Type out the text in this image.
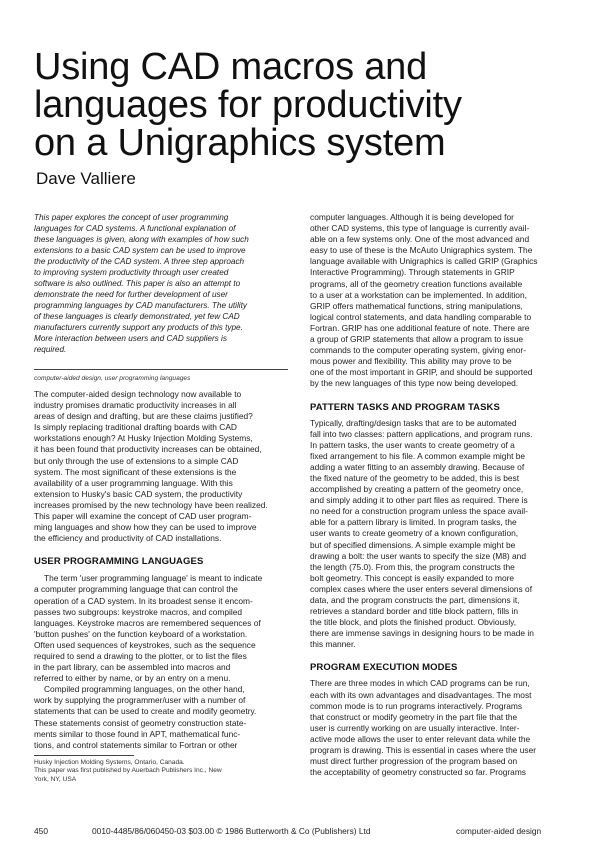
Using CAD macros and
languages for productivity
on a Unigraphics system
Dave Valliere
This paper explores the concept of user programming
languages for CAD systems. A functional explanation of
these languages is given, along with examples of how such
extensions to a basic CAD system can be used to improve
the productivity of the CAD system. A three step approach
to improving system productivity through user created
software is also outlined. This paper is also an attempt to
demonstrate the need for further development of user
programming languages by CAD manufacturers. The utility
of these languages is clearly demonstrated, yet few CAD
manufacturers currently support any products of this type.
More interaction between users and CAD suppliers is
required.
computer-aided design, user programming languages
The computer-aided design technology now available to
industry promises dramatic productivity increases in all
areas of design and drafting, but are these claims justified?
Is simply replacing traditional drafting boards with CAD
workstations enough? At Husky Injection Molding Systems,
it has been found that productivity increases can be obtained,
but only through the use of extensions to a simple CAD
system. The most significant of these extensions is the
availability of a user programming language. With this
extension to Husky's basic CAD system, the productivity
increases promised by the new technology have been realized.
This paper will examine the concept of CAD user program-
ming languages and show how they can be used to improve
the efficiency and productivity of CAD installations.
USER PROGRAMMING LANGUAGES
The term 'user programming language' is meant to indicate
a computer programming language that can control the
operation of a CAD system. In its broadest sense it encom-
passes two subgroups: keystroke macros, and compiled
languages. Keystroke macros are remembered sequences of
'button pushes' on the function keyboard of a workstation.
Often used sequences of keystrokes, such as the sequence
required to send a drawing to the plotter, or to list the files
in the part library, can be assembled into macros and
referred to either by name, or by an entry on a menu.
Compiled programming languages, on the other hand,
work by supplying the programmer/user with a number of
statements that can be used to create and modify geometry.
These statements consist of geometry construction state-
ments similar to those found in APT, mathematical func-
tions, and control statements similar to Fortran or other
Husky Injection Molding Systems, Ontario, Canada.
This paper was first published by Auerbach Publishers Inc., New
York, NY, USA
computer languages. Although it is being developed for
other CAD systems, this type of language is currently avail-
able on a few systems only. One of the most advanced and
easy to use of these is the McAuto Unigraphics system. The
language available with Unigraphics is called GRIP (Graphics
Interactive Programming). Through statements in GRIP
programs, all of the geometry creation functions available
to a user at a workstation can be implemented. In addition,
GRIP offers mathematical functions, string manipulations,
logical control statements, and data handling comparable to
Fortran. GRIP has one additional feature of note. There are
a group of GRIP statements that allow a program to issue
commands to the computer operating system, giving enor-
mous power and flexibility. This ability may prove to be
one of the most important in GRIP, and should be supported
by the new languages of this type now being developed.
PATTERN TASKS AND PROGRAM TASKS
Typically, drafting/design tasks that are to be automated
fall into two classes: pattern applications, and program runs.
In pattern tasks, the user wants to create geometry of a
fixed arrangement to his file. A common example might be
adding a water fitting to an assembly drawing. Because of
the fixed nature of the geometry to be added, this is best
accomplished by creating a pattern of the geometry once,
and simply adding it to other part files as required. There is
no need for a construction program unless the space avail-
able for a pattern library is limited. In program tasks, the
user wants to create geometry of a known configuration,
but of specified dimensions. A simple example might be
drawing a bolt: the user wants to specify the size (M8) and
the length (75.0). From this, the program constructs the
bolt geometry. This concept is easily expanded to more
complex cases where the user enters several dimensions of
data, and the program constructs the part, dimensions it,
retrieves a standard border and title block pattern, fills in
the title block, and plots the finished product. Obviously,
there are immense savings in designing hours to be made in
this manner.
PROGRAM EXECUTION MODES
There are three modes in which CAD programs can be run,
each with its own advantages and disadvantages. The most
common mode is to run programs interactively. Programs
that construct or modify geometry in the part file that the
user is currently working on are usually interactive. Inter-
active mode allows the user to enter relevant data while the
program is drawing. This is essential in cases where the user
must direct further progression of the program based on
the acceptability of geometry constructed so far. Programs
450	0010-4485/86/060450-03 $03.00 © 1986 Butterworth & Co (Publishers) Ltd	computer-aided design
